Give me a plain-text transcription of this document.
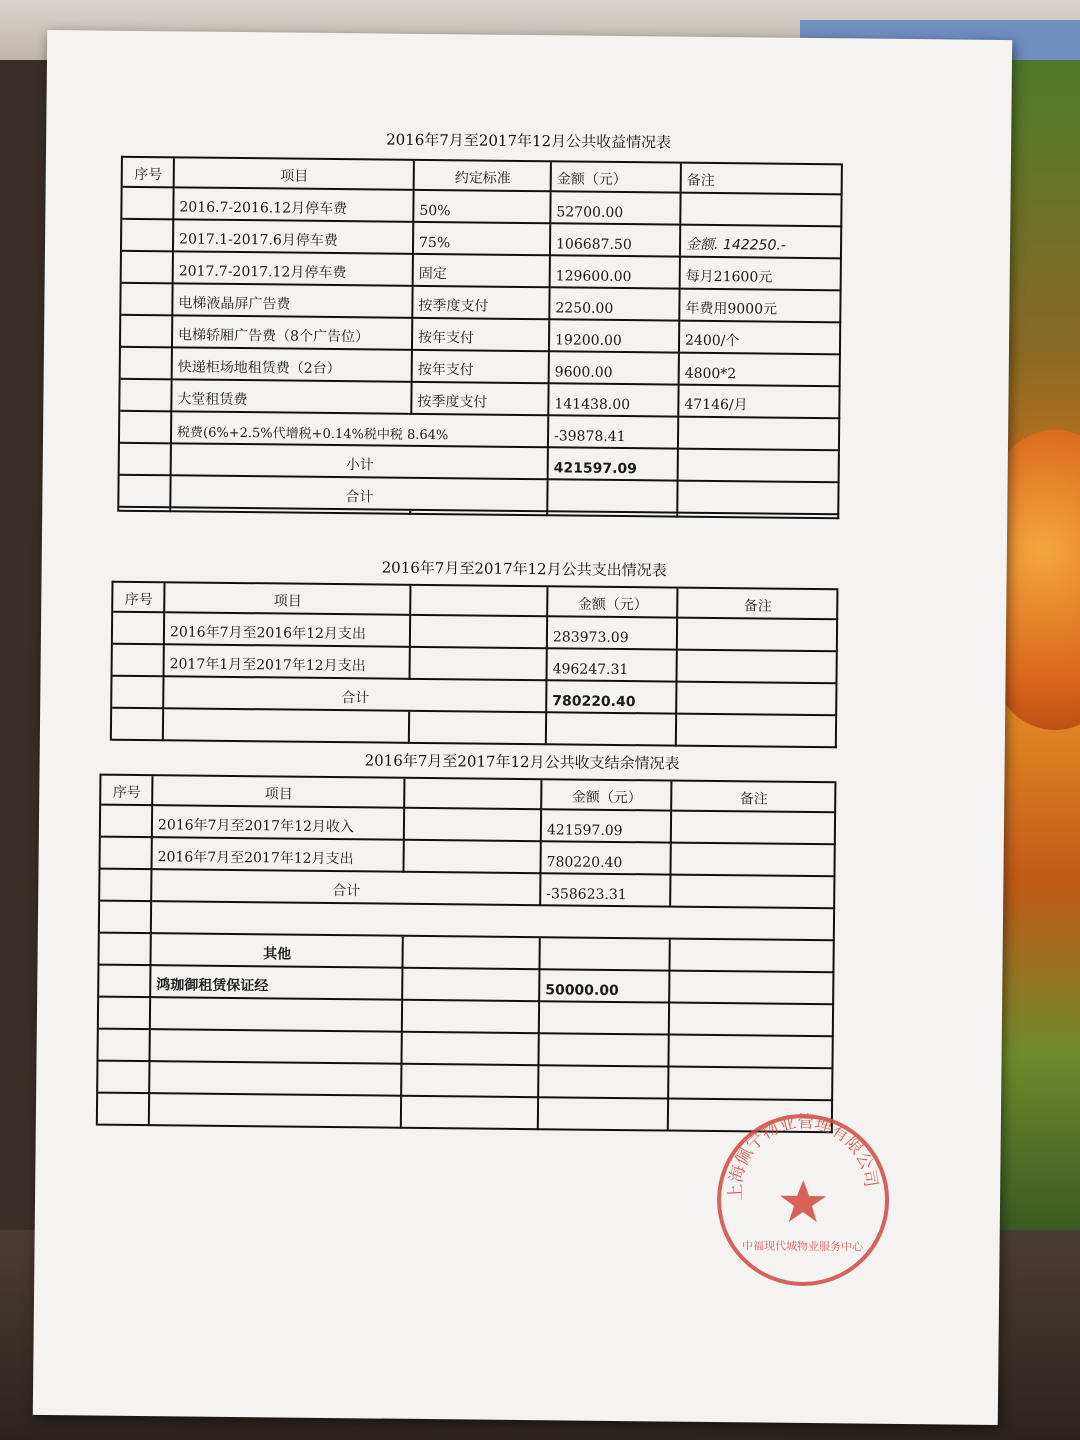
2016年7月至2017年12月公共收益情况表
序号	项目	约定标准	金额（元）	备注
2016.7-2016.12月停车费	50%	52700.00
2017.1-2017.6月停车费	75%	106687.50	金额. 142250.-
2017.7-2017.12月停车费	固定	129600.00	每月21600元
电梯液晶屏广告费	按季度支付	2250.00	年费用9000元
电梯轿厢广告费（8个广告位）	按年支付	19200.00	2400/个
快递柜场地租赁费（2台）	按年支付	9600.00	4800*2
大堂租赁费	按季度支付	141438.00	47146/月
税费(6%+2.5%代增税+0.14%税中税 8.64%	-39878.41
小计	421597.09
合计
2016年7月至2017年12月公共支出情况表
序号	项目	金额（元）	备注
2016年7月至2016年12月支出	283973.09
2017年1月至2017年12月支出	496247.31
合计	780220.40
2016年7月至2017年12月公共收支结余情况表
序号	项目	金额（元）	备注
2016年7月至2017年12月收入	421597.09
2016年7月至2017年12月支出	780220.40
合计	-358623.31
其他
鸿珈御租赁保证经	50000.00
上海佩宁物业管理有限公司
中福现代城物业服务中心
